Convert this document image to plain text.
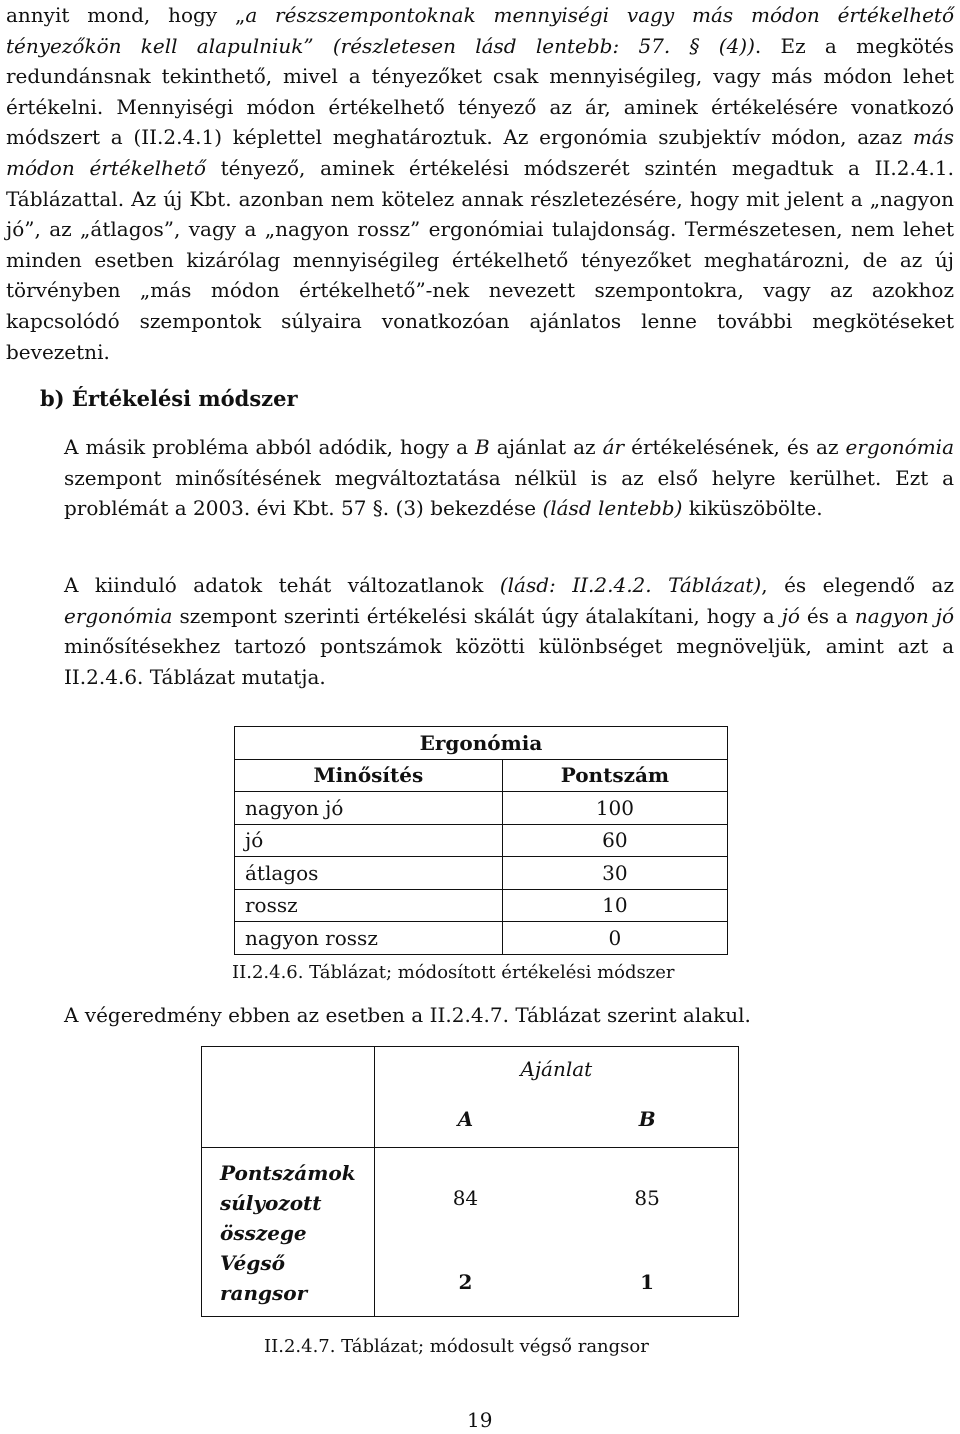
annyit mond, hogy „a részszempontoknak mennyiségi vagy más módon értékelhető tényezőkön kell alapulniuk” (részletesen lásd lentebb: 57. § (4)). Ez a megkötés redundánsnak tekinthető, mivel a tényezőket csak mennyiségileg, vagy más módon lehet értékelni. Mennyiségi módon értékelhető tényező az ár, aminek értékelésére vonatkozó módszert a (II.2.4.1) képlettel meghatároztuk. Az ergonómia szubjektív módon, azaz más módon értékelhető tényező, aminek értékelési módszerét szintén megadtuk a II.2.4.1. Táblázattal. Az új Kbt. azonban nem kötelez annak részletezésére, hogy mit jelent a „nagyon jó”, az „átlagos”, vagy a „nagyon rossz” ergonómiai tulajdonság. Természetesen, nem lehet minden esetben kizárólag mennyiségileg értékelhető tényezőket meghatározni, de az új törvényben „más módon értékelhető”-nek nevezett szempontokra, vagy az azokhoz kapcsolódó szempontok súlyaira vonatkozóan ajánlatos lenne további megkötéseket bevezetni.

b) Értékelési módszer

A másik probléma abból adódik, hogy a B ajánlat az ár értékelésének, és az ergonómia szempont minősítésének megváltoztatása nélkül is az első helyre kerülhet. Ezt a problémát a 2003. évi Kbt. 57 §. (3) bekezdése (lásd lentebb) kiküszöbölte.

A kiinduló adatok tehát változatlanok (lásd: II.2.4.2. Táblázat), és elegendő az ergonómia szempont szerinti értékelési skálát úgy átalakítani, hogy a jó és a nagyon jó minősítésekhez tartozó pontszámok közötti különbséget megnöveljük, amint azt a II.2.4.6. Táblázat mutatja.

Ergonómia	
Minősítés	Pontszám
nagyon jó	100
jó	60
átlagos	30
rossz	10
nagyon rossz	0
II.2.4.6. Táblázat; módosított értékelési módszer

A végeredmény ebben az esetben a II.2.4.7. Táblázat szerint alakul.

	Ajánlat	
	A	B

Pontszámok
súlyozott
összege	84	85

Végső
rangsor	2	1
II.2.4.7. Táblázat; módosult végső rangsor
19
